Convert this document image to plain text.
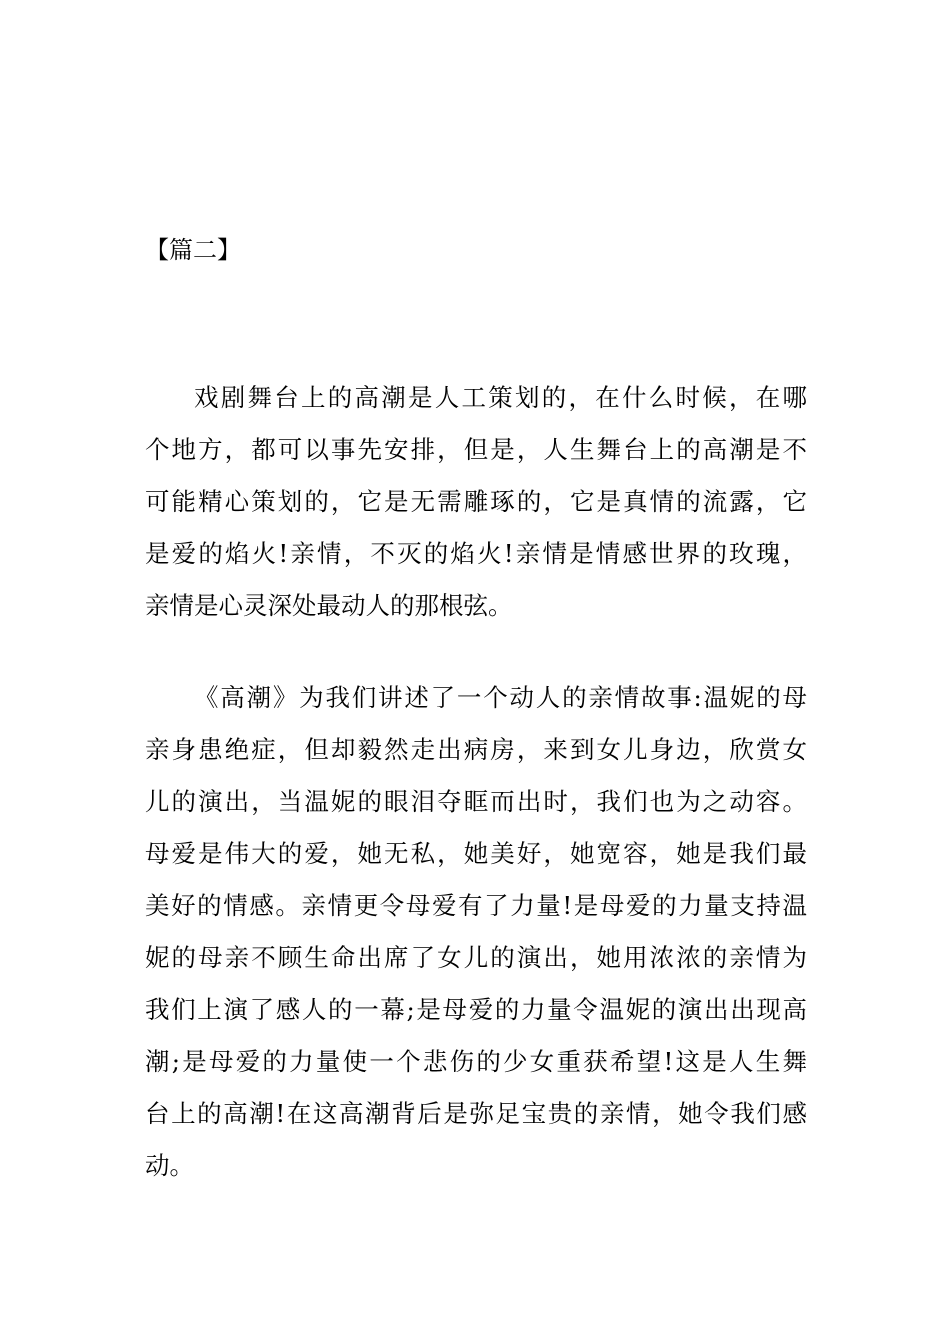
【篇二】
戏剧舞台上的高潮是人工策划的，在什么时候，在哪
个地方，都可以事先安排，但是，人生舞台上的高潮是不
可能精心策划的，它是无需雕琢的，它是真情的流露，它
是爱的焰火!亲情，不灭的焰火!亲情是情感世界的玫瑰，
亲情是心灵深处最动人的那根弦。
《高潮》为我们讲述了一个动人的亲情故事:温妮的母
亲身患绝症，但却毅然走出病房，来到女儿身边，欣赏女
儿的演出，当温妮的眼泪夺眶而出时，我们也为之动容。
母爱是伟大的爱，她无私，她美好，她宽容，她是我们最
美好的情感。亲情更令母爱有了力量!是母爱的力量支持温
妮的母亲不顾生命出席了女儿的演出，她用浓浓的亲情为
我们上演了感人的一幕;是母爱的力量令温妮的演出出现高
潮;是母爱的力量使一个悲伤的少女重获希望!这是人生舞
台上的高潮!在这高潮背后是弥足宝贵的亲情，她令我们感
动。
